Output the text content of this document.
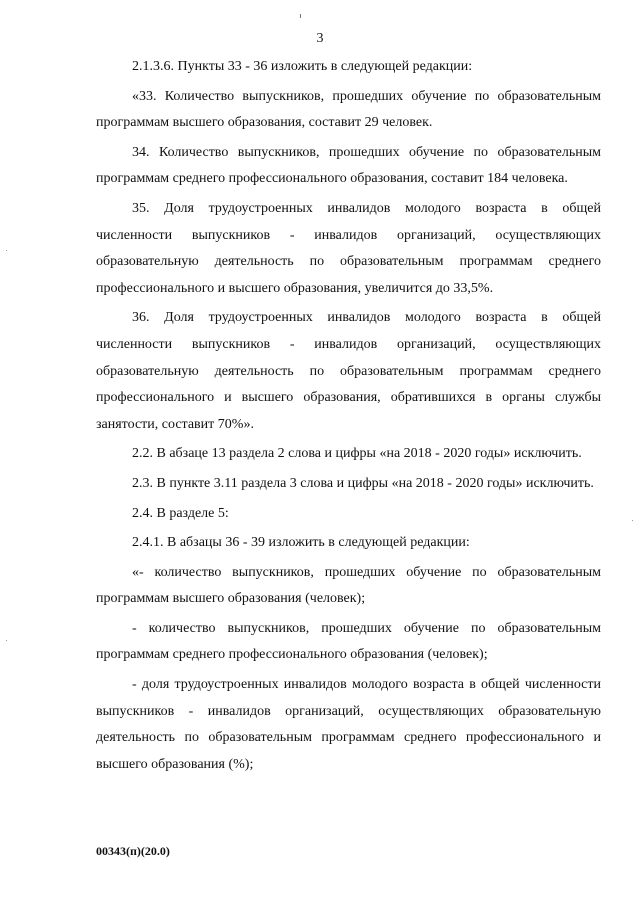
3

2.1.3.6. Пункты 33 - 36 изложить в следующей редакции:

«33. Количество выпускников, прошедших обучение по образовательным программам высшего образования, составит 29 человек.

34. Количество выпускников, прошедших обучение по образовательным программам среднего профессионального образования, составит 184 человека.

35. Доля трудоустроенных инвалидов молодого возраста в общей численности выпускников - инвалидов организаций, осуществляющих образовательную деятельность по образовательным программам среднего профессионального и высшего образования, увеличится до 33,5%.

36. Доля трудоустроенных инвалидов молодого возраста в общей численности выпускников - инвалидов организаций, осуществляющих образовательную деятельность по образовательным программам среднего профессионального и высшего образования, обратившихся в органы службы занятости, составит 70%».

2.2. В абзаце 13 раздела 2 слова и цифры «на 2018 - 2020 годы» исключить.

2.3. В пункте 3.11 раздела 3 слова и цифры «на 2018 - 2020 годы» исключить.

2.4. В разделе 5:

2.4.1. В абзацы 36 - 39 изложить в следующей редакции:

«- количество выпускников, прошедших обучение по образовательным программам высшего образования (человек);

- количество выпускников, прошедших обучение по образовательным программам среднего профессионального образования (человек);

- доля трудоустроенных инвалидов молодого возраста в общей численности выпускников - инвалидов организаций, осуществляющих образовательную деятельность по образовательным программам среднего профессионального и высшего образования (%);

00343(п)(20.0)
